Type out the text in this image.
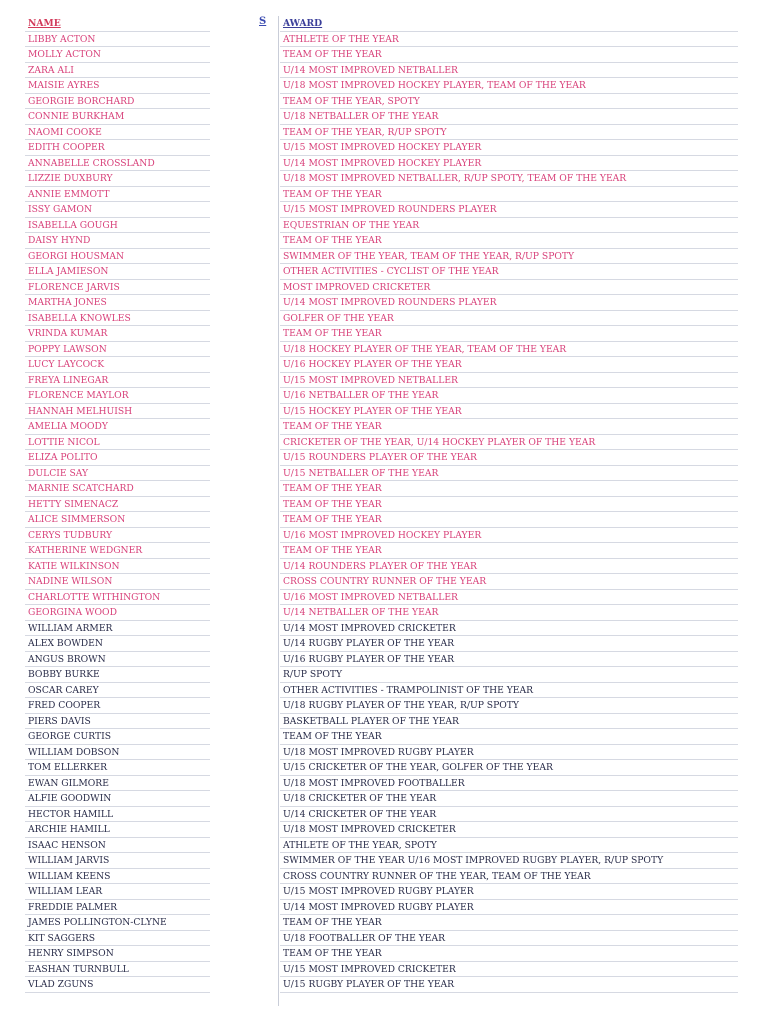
S
NAME
LIBBY ACTON
MOLLY ACTON
ZARA ALI
MAISIE AYRES
GEORGIE BORCHARD
CONNIE BURKHAM
NAOMI COOKE
EDITH COOPER
ANNABELLE CROSSLAND
LIZZIE DUXBURY
ANNIE EMMOTT
ISSY GAMON
ISABELLA GOUGH
DAISY HYND
GEORGI HOUSMAN
ELLA JAMIESON
FLORENCE JARVIS
MARTHA JONES
ISABELLA KNOWLES
VRINDA KUMAR
POPPY LAWSON
LUCY LAYCOCK
FREYA LINEGAR
FLORENCE MAYLOR
HANNAH MELHUISH
AMELIA MOODY
LOTTIE NICOL
ELIZA POLITO
DULCIE SAY
MARNIE SCATCHARD
HETTY SIMENACZ
ALICE SIMMERSON
CERYS TUDBURY
KATHERINE WEDGNER
KATIE WILKINSON
NADINE WILSON
CHARLOTTE WITHINGTON
GEORGINA WOOD
WILLIAM ARMER
ALEX BOWDEN
ANGUS BROWN
BOBBY BURKE
OSCAR CAREY
FRED COOPER
PIERS DAVIS
GEORGE CURTIS
WILLIAM DOBSON
TOM ELLERKER
EWAN GILMORE
ALFIE GOODWIN
HECTOR HAMILL
ARCHIE HAMILL
ISAAC HENSON
WILLIAM JARVIS
WILLIAM KEENS
WILLIAM LEAR
FREDDIE PALMER
JAMES POLLINGTON-CLYNE
KIT SAGGERS
HENRY SIMPSON
EASHAN TURNBULL
VLAD ZGUNS
AWARD
ATHLETE OF THE YEAR
TEAM OF THE YEAR
U/14 MOST IMPROVED NETBALLER
U/18 MOST IMPROVED HOCKEY PLAYER, TEAM OF THE YEAR
TEAM OF THE YEAR, SPOTY
U/18 NETBALLER OF THE YEAR
TEAM OF THE YEAR, R/UP SPOTY
U/15 MOST IMPROVED HOCKEY PLAYER
U/14 MOST IMPROVED HOCKEY PLAYER
U/18 MOST IMPROVED NETBALLER, R/UP SPOTY, TEAM OF THE YEAR
TEAM OF THE YEAR
U/15 MOST IMPROVED ROUNDERS PLAYER
EQUESTRIAN OF THE YEAR
TEAM OF THE YEAR
SWIMMER OF THE YEAR, TEAM OF THE YEAR, R/UP SPOTY
OTHER ACTIVITIES - CYCLIST OF THE YEAR
MOST IMPROVED CRICKETER
U/14 MOST IMPROVED ROUNDERS PLAYER
GOLFER OF THE YEAR
TEAM OF THE YEAR
U/18 HOCKEY PLAYER OF THE YEAR, TEAM OF THE YEAR
U/16 HOCKEY PLAYER OF THE YEAR
U/15 MOST IMPROVED NETBALLER
U/16 NETBALLER OF THE YEAR
U/15 HOCKEY PLAYER OF THE YEAR
TEAM OF THE YEAR
CRICKETER OF THE YEAR, U/14 HOCKEY PLAYER OF THE YEAR
U/15 ROUNDERS PLAYER OF THE YEAR
U/15 NETBALLER OF THE YEAR
TEAM OF THE YEAR
TEAM OF THE YEAR
TEAM OF THE YEAR
U/16 MOST IMPROVED HOCKEY PLAYER
TEAM OF THE YEAR
U/14 ROUNDERS PLAYER OF THE YEAR
CROSS COUNTRY RUNNER OF THE YEAR
U/16 MOST IMPROVED NETBALLER
U/14 NETBALLER OF THE YEAR
U/14 MOST IMPROVED CRICKETER
U/14 RUGBY PLAYER OF THE YEAR
U/16 RUGBY PLAYER OF THE YEAR
R/UP SPOTY
OTHER ACTIVITIES - TRAMPOLINIST OF THE YEAR
U/18 RUGBY PLAYER OF THE YEAR, R/UP SPOTY
BASKETBALL PLAYER OF THE YEAR
TEAM OF THE YEAR
U/18 MOST IMPROVED RUGBY PLAYER
U/15 CRICKETER OF THE YEAR, GOLFER OF THE YEAR
U/18 MOST IMPROVED FOOTBALLER
U/18 CRICKETER OF THE YEAR
U/14 CRICKETER OF THE YEAR
U/18 MOST IMPROVED CRICKETER
ATHLETE OF THE YEAR, SPOTY
SWIMMER OF THE YEAR U/16 MOST IMPROVED RUGBY PLAYER, R/UP SPOTY
CROSS COUNTRY RUNNER OF THE YEAR, TEAM OF THE YEAR
U/15 MOST IMPROVED RUGBY PLAYER
U/14 MOST IMPROVED RUGBY PLAYER
TEAM OF THE YEAR
U/18 FOOTBALLER OF THE YEAR
TEAM OF THE YEAR
U/15 MOST IMPROVED CRICKETER
U/15 RUGBY PLAYER OF THE YEAR
